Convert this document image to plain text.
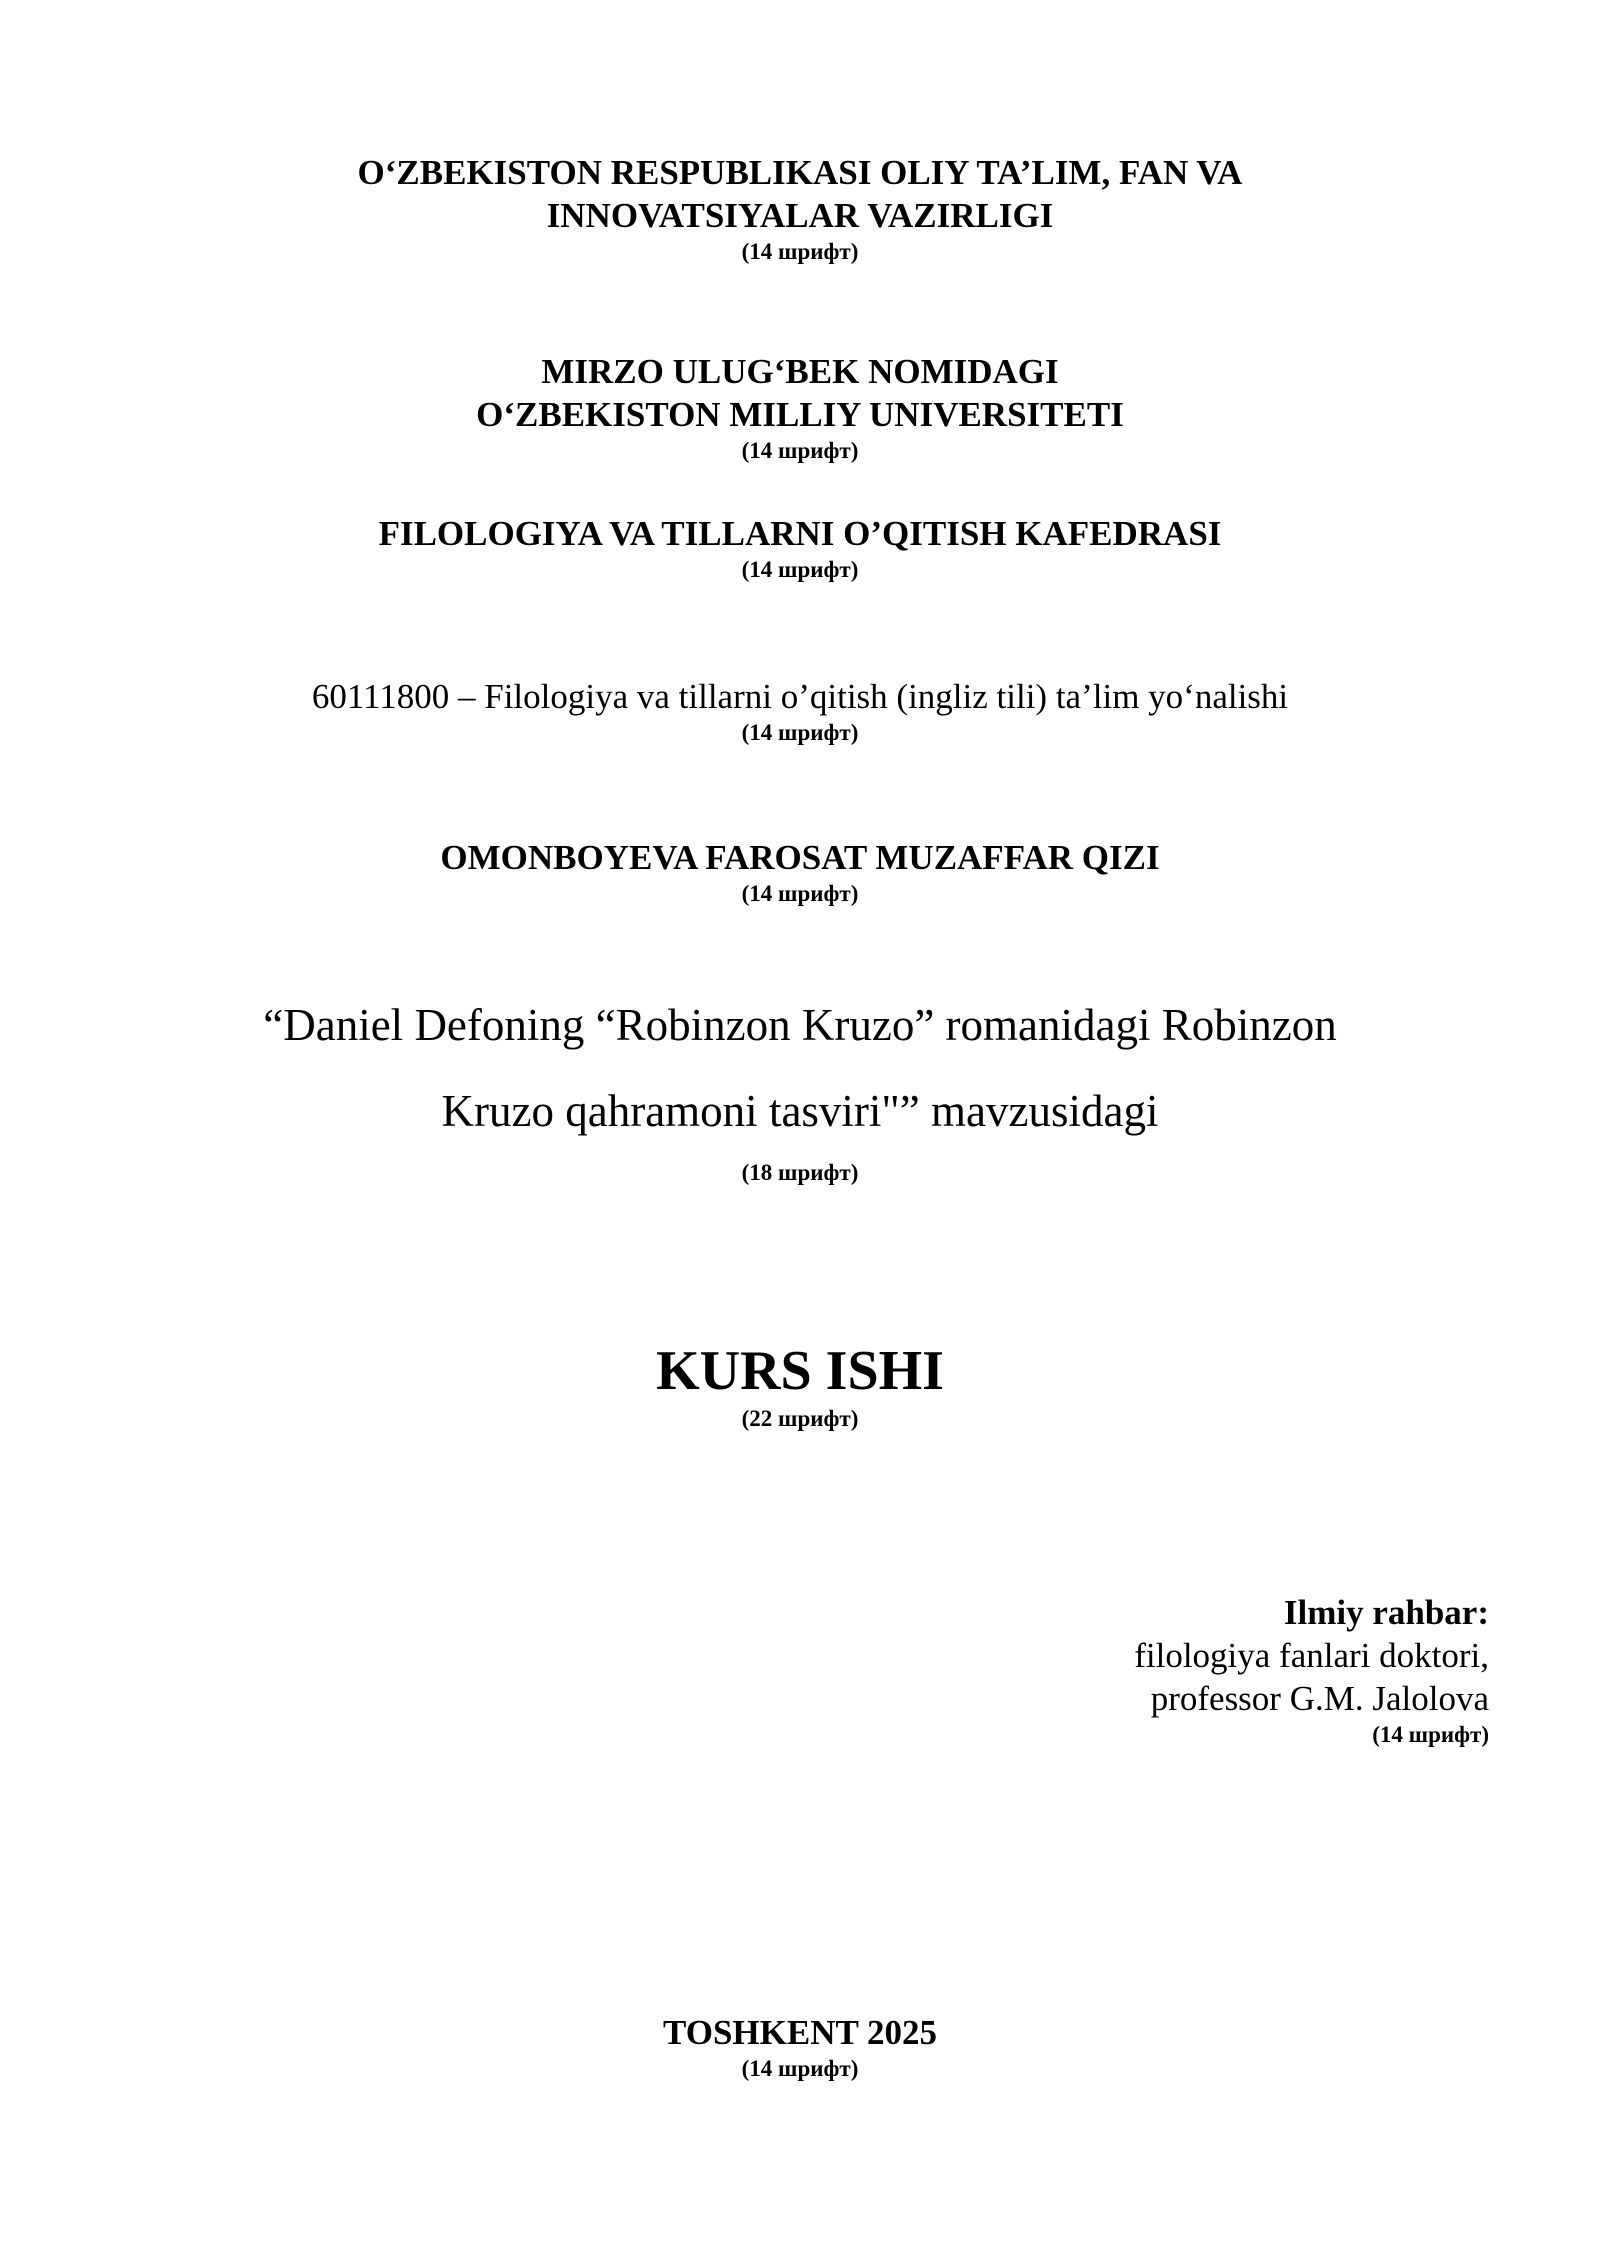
O‘ZBEKISTON RESPUBLIKASI OLIY TA’LIM, FAN VA
INNOVATSIYALAR VAZIRLIGI
(14 шрифт)
MIRZO ULUG‘BEK NOMIDAGI
O‘ZBEKISTON MILLIY UNIVERSITETI
(14 шрифт)
FILOLOGIYA VA TILLARNI O’QITISH KAFEDRASI
(14 шрифт)
60111800 – Filologiya va tillarni o’qitish (ingliz tili) ta’lim yo‘nalishi
(14 шрифт)
OMONBOYEVA FAROSAT MUZAFFAR QIZI
(14 шрифт)
“Daniel Defoning “Robinzon Kruzo” romanidagi Robinzon
Kruzo qahramoni tasviri"” mavzusidagi
(18 шрифт)
KURS ISHI
(22 шрифт)
Ilmiy rahbar:
filologiya fanlari doktori,
professor G.M. Jalolova
(14 шрифт)
TOSHKENT 2025
(14 шрифт)
